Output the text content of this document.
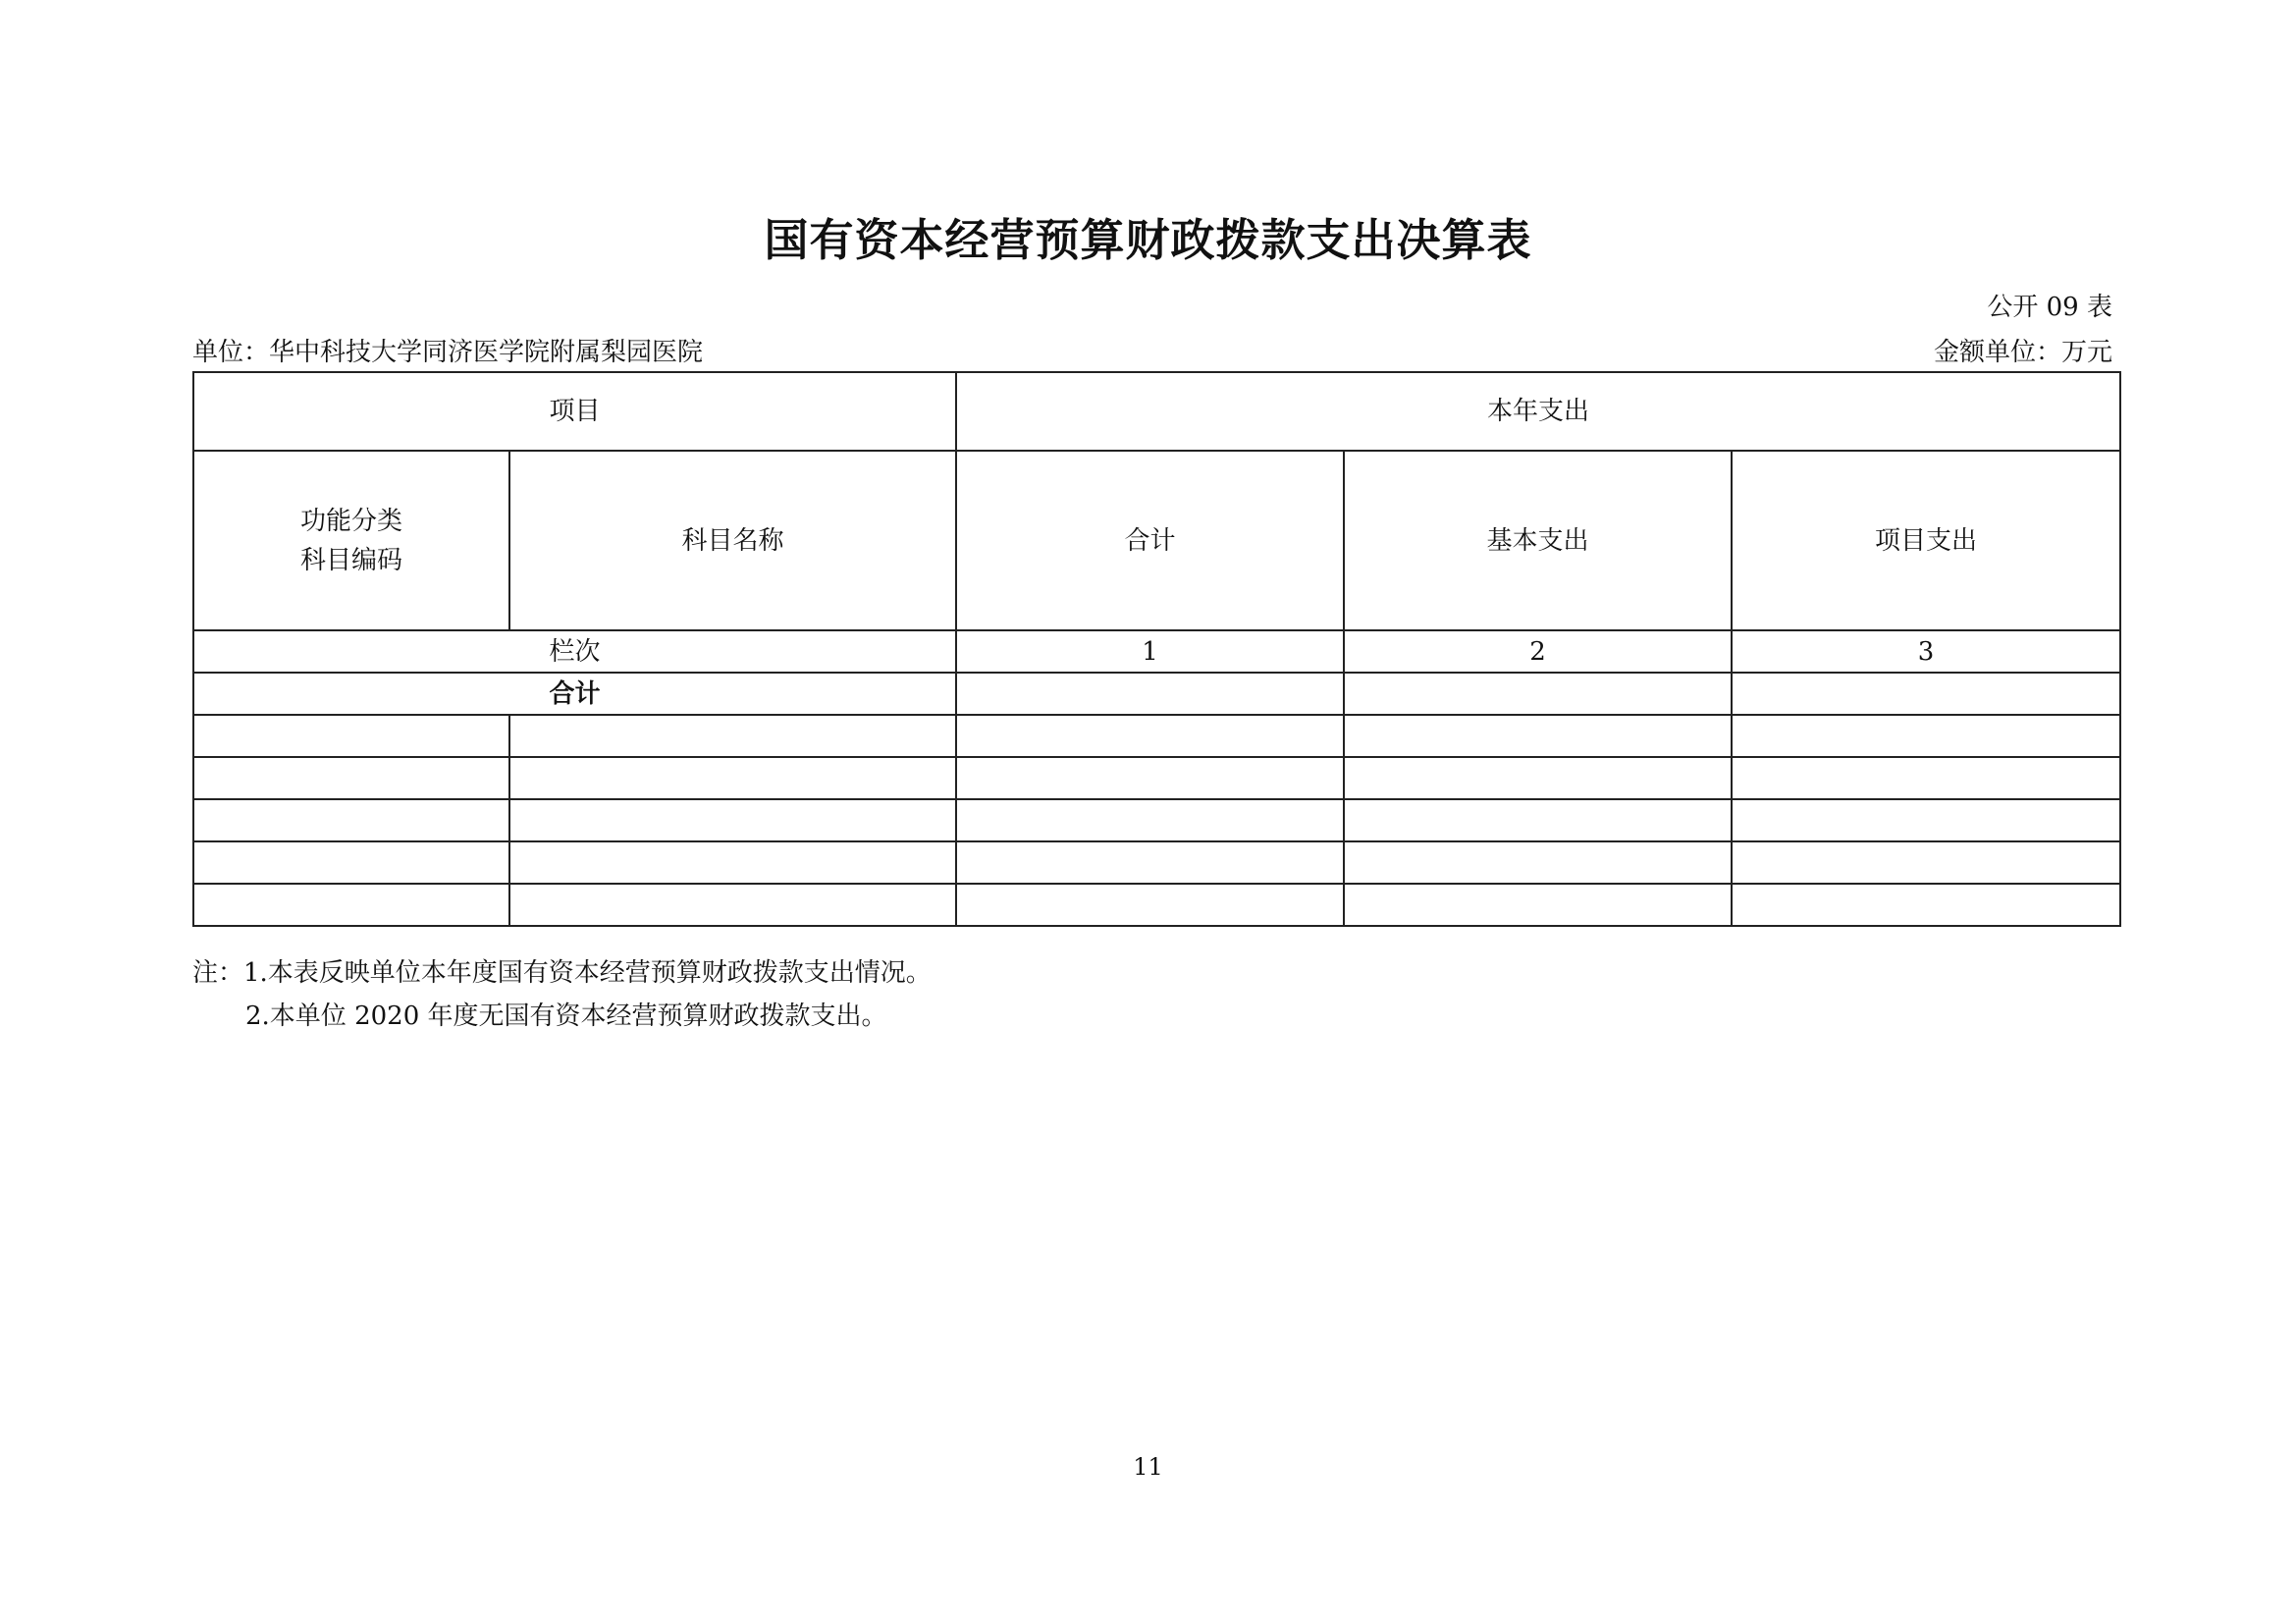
国有资本经营预算财政拨款支出决算表
公开 09 表
单位：华中科技大学同济医学院附属梨园医院	金额单位：万元
项目		本年支出		

功能分类
科目编码	科目名称	合计	基本支出	项目支出
栏次		1	2	3
合计				

注：1.本表反映单位本年度国有资本经营预算财政拨款支出情况。
2.本单位 2020 年度无国有资本经营预算财政拨款支出。
11
